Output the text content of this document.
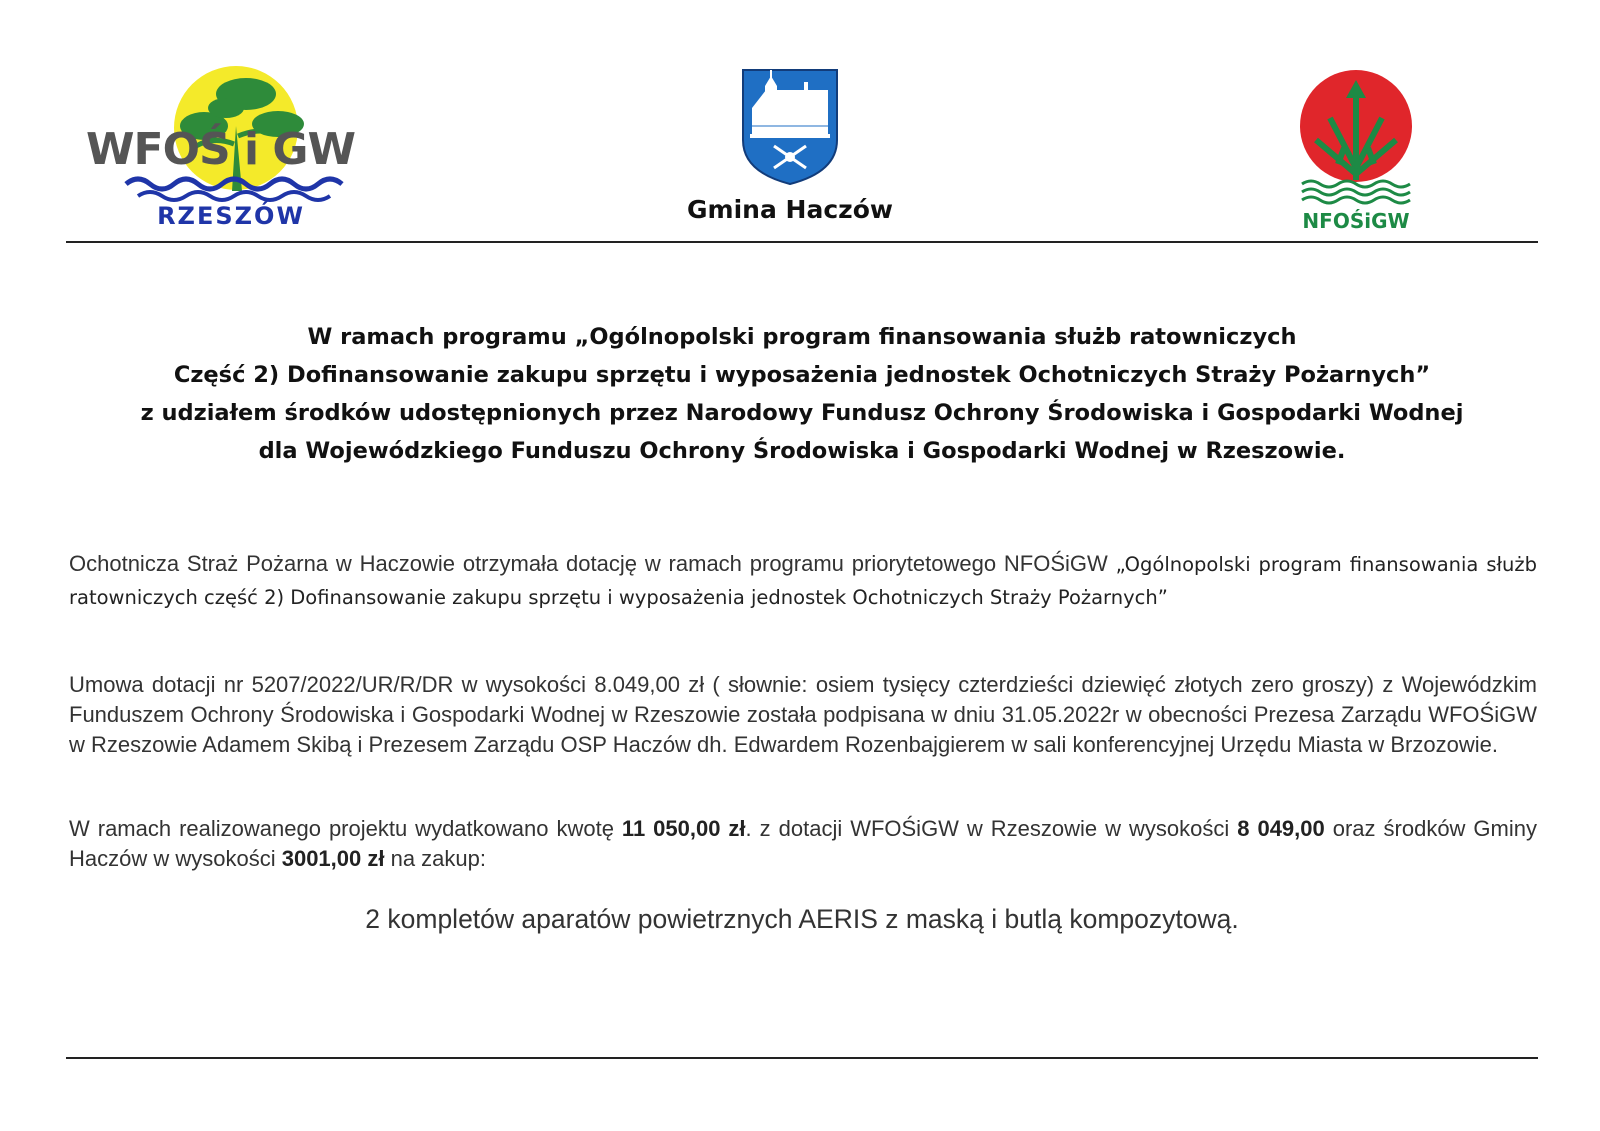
WFOŚ i GW
RZESZÓW	Gmina Haczów	NFOŚiGW
W ramach programu „Ogólnopolski program finansowania służb ratowniczych
Część 2) Dofinansowanie zakupu sprzętu i wyposażenia jednostek Ochotniczych Straży Pożarnych”
z udziałem środków udostępnionych przez Narodowy Fundusz Ochrony Środowiska i Gospodarki Wodnej
dla Wojewódzkiego Funduszu Ochrony Środowiska i Gospodarki Wodnej w Rzeszowie.
Ochotnicza Straż Pożarna w Haczowie otrzymała dotację w ramach programu priorytetowego NFOŚiGW „Ogólnopolski program finansowania służb ratowniczych część 2) Dofinansowanie zakupu sprzętu i wyposażenia jednostek Ochotniczych Straży Pożarnych”
Umowa dotacji nr 5207/2022/UR/R/DR w wysokości 8.049,00 zł ( słownie: osiem tysięcy czterdzieści dziewięć złotych zero groszy) z Wojewódzkim Funduszem Ochrony Środowiska i Gospodarki Wodnej w Rzeszowie została podpisana w dniu 31.05.2022r w obecności Prezesa Zarządu WFOŚiGW w Rzeszowie Adamem Skibą i Prezesem Zarządu OSP Haczów dh. Edwardem Rozenbajgierem w sali konferencyjnej Urzędu Miasta w Brzozowie.
W ramach realizowanego projektu wydatkowano kwotę 11 050,00 zł. z dotacji WFOŚiGW w Rzeszowie w wysokości 8 049,00 oraz środków Gminy Haczów w wysokości 3001,00 zł na zakup:
2 kompletów aparatów powietrznych AERIS z maską i butlą kompozytową.
